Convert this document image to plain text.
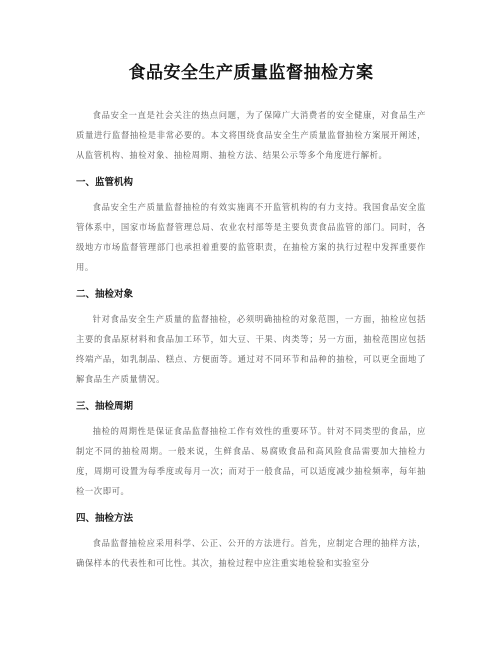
食品安全生产质量监督抽检方案

食品安全一直是社会关注的热点问题，为了保障广大消费者的安全健康，对食品生产质量进行监督抽检是非常必要的。本文将围绕食品安全生产质量监督抽检方案展开阐述，从监管机构、抽检对象、抽检周期、抽检方法、结果公示等多个角度进行解析。

一、监管机构

食品安全生产质量监督抽检的有效实施离不开监管机构的有力支持。我国食品安全监管体系中，国家市场监督管理总局、农业农村部等是主要负责食品监管的部门。同时，各级地方市场监督管理部门也承担着重要的监管职责，在抽检方案的执行过程中发挥重要作用。

二、抽检对象

针对食品安全生产质量的监督抽检，必须明确抽检的对象范围，一方面，抽检应包括主要的食品原材料和食品加工环节，如大豆、干果、肉类等；另一方面，抽检范围应包括终端产品，如乳制品、糕点、方便面等。通过对不同环节和品种的抽检，可以更全面地了解食品生产质量情况。

三、抽检周期

抽检的周期性是保证食品监督抽检工作有效性的重要环节。针对不同类型的食品，应制定不同的抽检周期。一般来说，生鲜食品、易腐败食品和高风险食品需要加大抽检力度，周期可设置为每季度或每月一次；而对于一般食品，可以适度减少抽检频率，每年抽检一次即可。

四、抽检方法

食品监督抽检应采用科学、公正、公开的方法进行。首先，应制定合理的抽样方法，确保样本的代表性和可比性。其次，抽检过程中应注重实地检验和实验室分
